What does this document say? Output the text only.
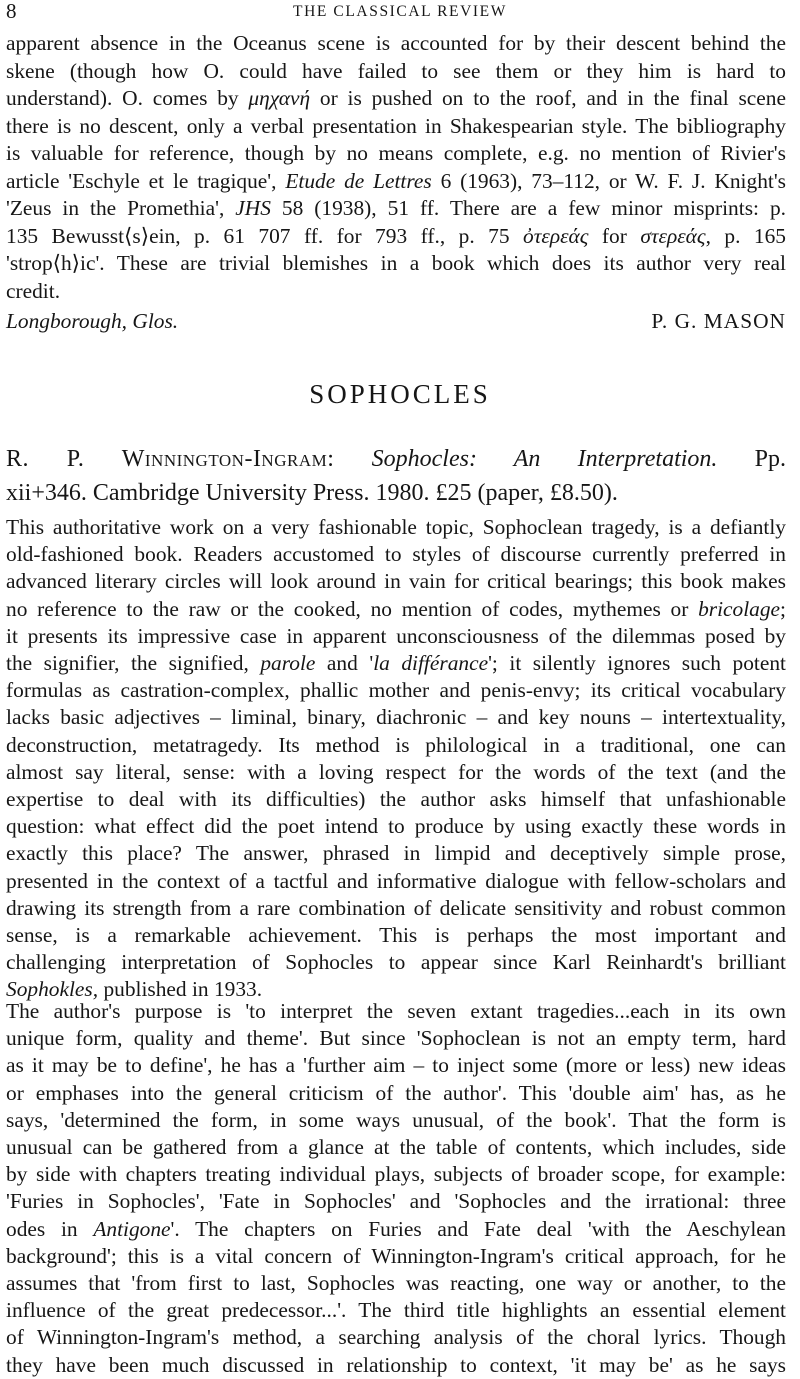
8	THE CLASSICAL REVIEW
apparent absence in the Oceanus scene is accounted for by their descent behind the
skene (though how O. could have failed to see them or they him is hard to
understand). O. comes by μηχανή or is pushed on to the roof, and in the final scene
there is no descent, only a verbal presentation in Shakespearian style. The bibliography
is valuable for reference, though by no means complete, e.g. no mention of Rivier's
article 'Eschyle et le tragique', Etude de Lettres 6 (1963), 73–112, or W. F. J. Knight's
'Zeus in the Promethia', JHS 58 (1938), 51 ff. There are a few minor misprints: p.
135 Bewusst⟨s⟩ein, p. 61 707 ff. for 793 ff., p. 75 ὀτερεάς for στερεάς, p. 165
'strop⟨h⟩ic'. These are trivial blemishes in a book which does its author very real
credit.
Longborough, Glos.	P. G. MASON
SOPHOCLES
R. P. Winnington-Ingram: Sophocles: An Interpretation. Pp.
xii+346. Cambridge University Press. 1980. £25 (paper, £8.50).
This authoritative work on a very fashionable topic, Sophoclean tragedy, is a defiantly
old-fashioned book. Readers accustomed to styles of discourse currently preferred in
advanced literary circles will look around in vain for critical bearings; this book makes
no reference to the raw or the cooked, no mention of codes, mythemes or bricolage;
it presents its impressive case in apparent unconsciousness of the dilemmas posed by
the signifier, the signified, parole and 'la différance'; it silently ignores such potent
formulas as castration-complex, phallic mother and penis-envy; its critical vocabulary
lacks basic adjectives – liminal, binary, diachronic – and key nouns – intertextuality,
deconstruction, metatragedy. Its method is philological in a traditional, one can
almost say literal, sense: with a loving respect for the words of the text (and the
expertise to deal with its difficulties) the author asks himself that unfashionable
question: what effect did the poet intend to produce by using exactly these words in
exactly this place? The answer, phrased in limpid and deceptively simple prose,
presented in the context of a tactful and informative dialogue with fellow-scholars and
drawing its strength from a rare combination of delicate sensitivity and robust common
sense, is a remarkable achievement. This is perhaps the most important and
challenging interpretation of Sophocles to appear since Karl Reinhardt's brilliant
Sophokles, published in 1933.
The author's purpose is 'to interpret the seven extant tragedies...each in its own
unique form, quality and theme'. But since 'Sophoclean is not an empty term, hard
as it may be to define', he has a 'further aim – to inject some (more or less) new ideas
or emphases into the general criticism of the author'. This 'double aim' has, as he
says, 'determined the form, in some ways unusual, of the book'. That the form is
unusual can be gathered from a glance at the table of contents, which includes, side
by side with chapters treating individual plays, subjects of broader scope, for example:
'Furies in Sophocles', 'Fate in Sophocles' and 'Sophocles and the irrational: three
odes in Antigone'. The chapters on Furies and Fate deal 'with the Aeschylean
background'; this is a vital concern of Winnington-Ingram's critical approach, for he
assumes that 'from first to last, Sophocles was reacting, one way or another, to the
influence of the great predecessor...'. The third title highlights an essential element
of Winnington-Ingram's method, a searching analysis of the choral lyrics. Though
they have been much discussed in relationship to context, 'it may be' as he says
